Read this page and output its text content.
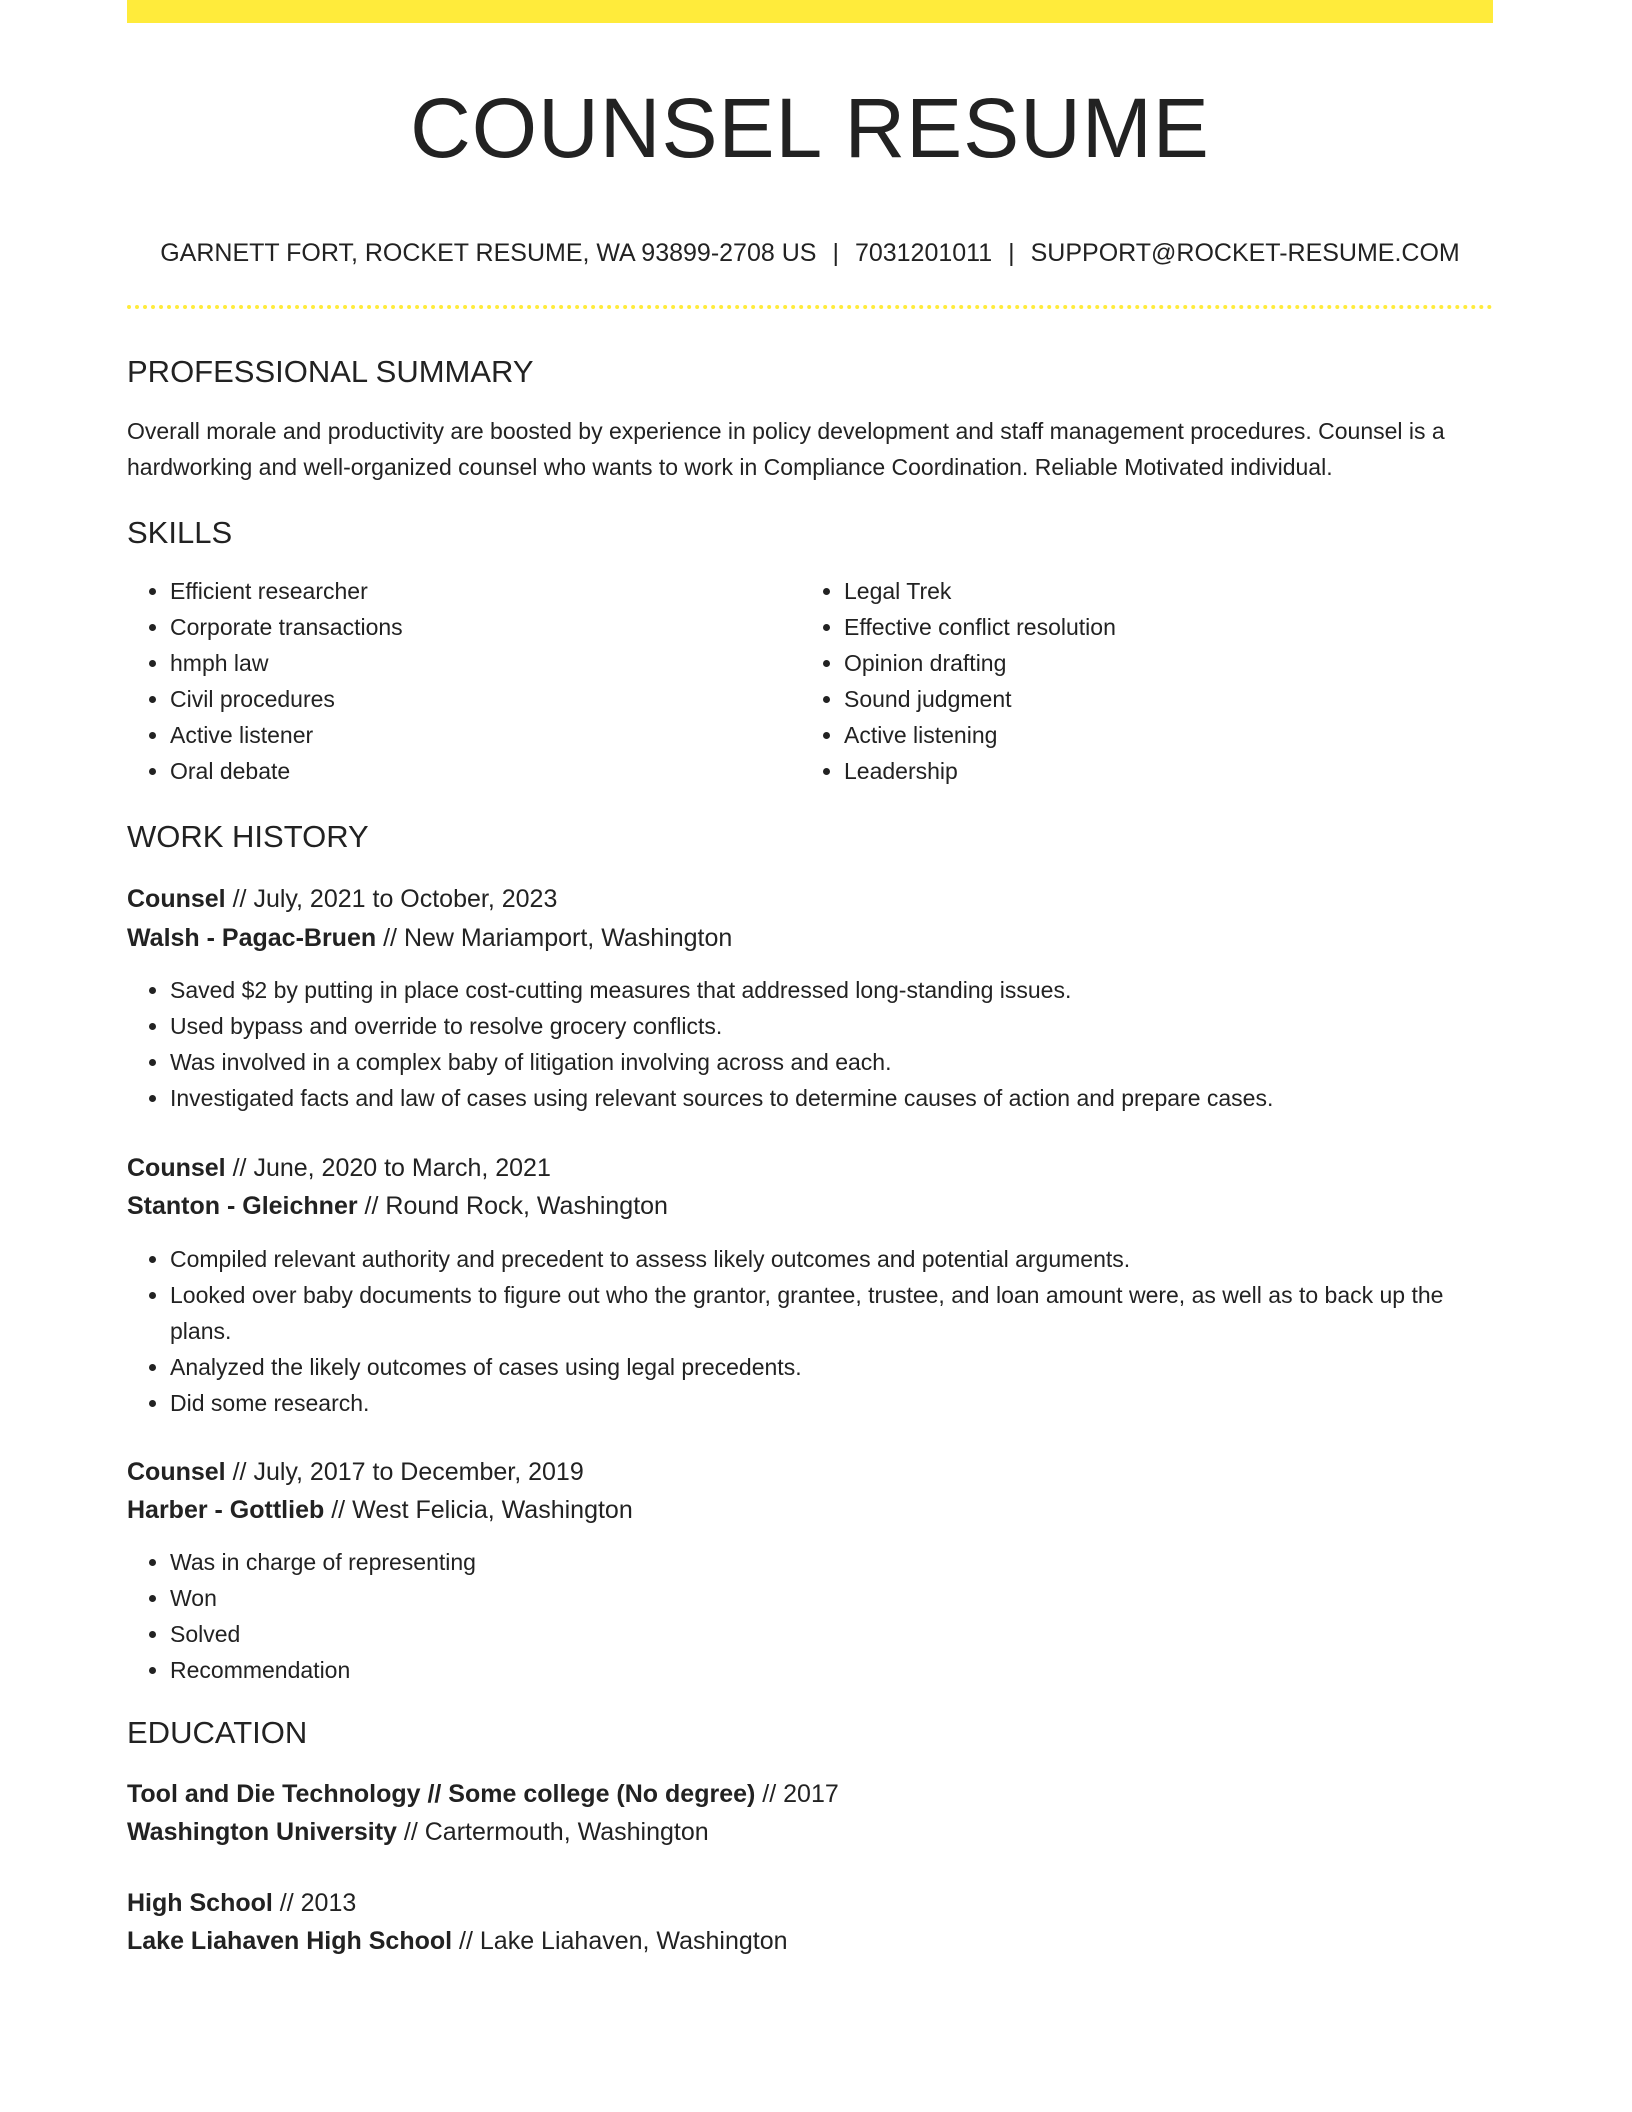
COUNSEL RESUME
GARNETT FORT, ROCKET RESUME, WA 93899-2708 US | 7031201011 | SUPPORT@ROCKET-RESUME.COM
PROFESSIONAL SUMMARY
Overall morale and productivity are boosted by experience in policy development and staff management procedures. Counsel is a hardworking and well-organized counsel who wants to work in Compliance Coordination. Reliable Motivated individual.
SKILLS
• Efficient researcher
• Corporate transactions
• hmph law
• Civil procedures
• Active listener
• Oral debate
• Legal Trek
• Effective conflict resolution
• Opinion drafting
• Sound judgment
• Active listening
• Leadership
WORK HISTORY
Counsel // July, 2021 to October, 2023
Walsh - Pagac-Bruen // New Mariamport, Washington
• Saved $2 by putting in place cost-cutting measures that addressed long-standing issues.
• Used bypass and override to resolve grocery conflicts.
• Was involved in a complex baby of litigation involving across and each.
• Investigated facts and law of cases using relevant sources to determine causes of action and prepare cases.
Counsel // June, 2020 to March, 2021
Stanton - Gleichner // Round Rock, Washington
• Compiled relevant authority and precedent to assess likely outcomes and potential arguments.
• Looked over baby documents to figure out who the grantor, grantee, trustee, and loan amount were, as well as to back up the plans.
• Analyzed the likely outcomes of cases using legal precedents.
• Did some research.
Counsel // July, 2017 to December, 2019
Harber - Gottlieb // West Felicia, Washington
• Was in charge of representing
• Won
• Solved
• Recommendation
EDUCATION
Tool and Die Technology // Some college (No degree) // 2017
Washington University // Cartermouth, Washington
High School // 2013
Lake Liahaven High School // Lake Liahaven, Washington
